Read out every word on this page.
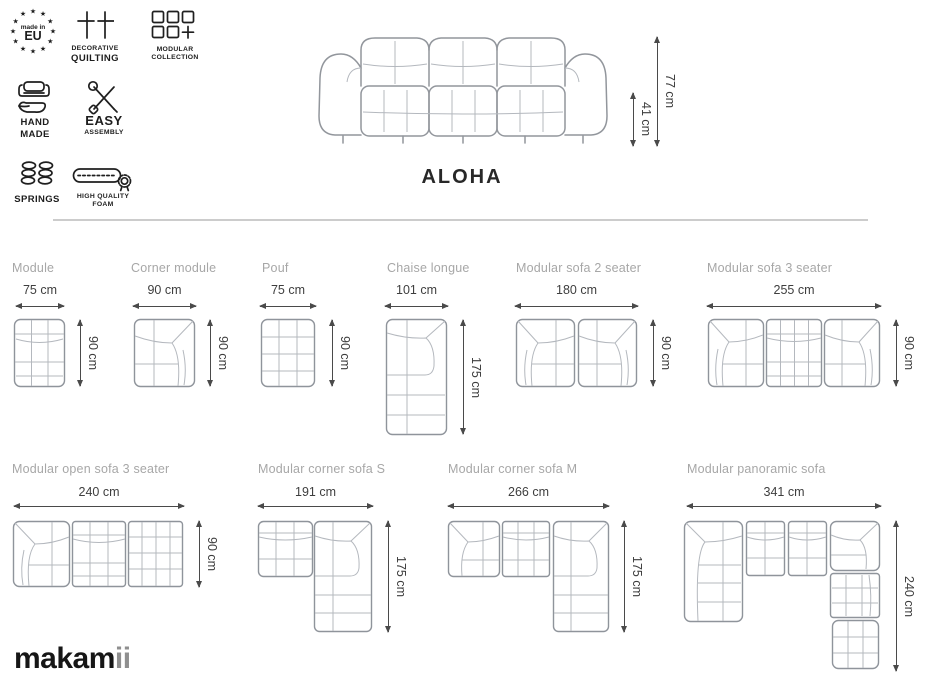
★ ★
★
★
★
★
★
★
★
★
★
★
made in
EU
DECORATIVE
QUILTING
MODULAR
COLLECTION
HAND
MADE
EASY
ASSEMBLY
SPRINGS	HIGH QUALITY
FOAM
41 cm
77 cm
ALOHA
Module
75 cm
90 cm
Corner module
90 cm
90 cm
Pouf
75 cm
90 cm
Chaise longue
101 cm
175 cm
Modular sofa 2 seater
180 cm
90 cm
Modular sofa 3 seater
255 cm
90 cm
Modular open sofa 3 seater
240 cm
90 cm
Modular corner sofa S
191 cm
175 cm
Modular corner sofa M
266 cm
175 cm
Modular panoramic sofa
341 cm
240 cm
makamii
